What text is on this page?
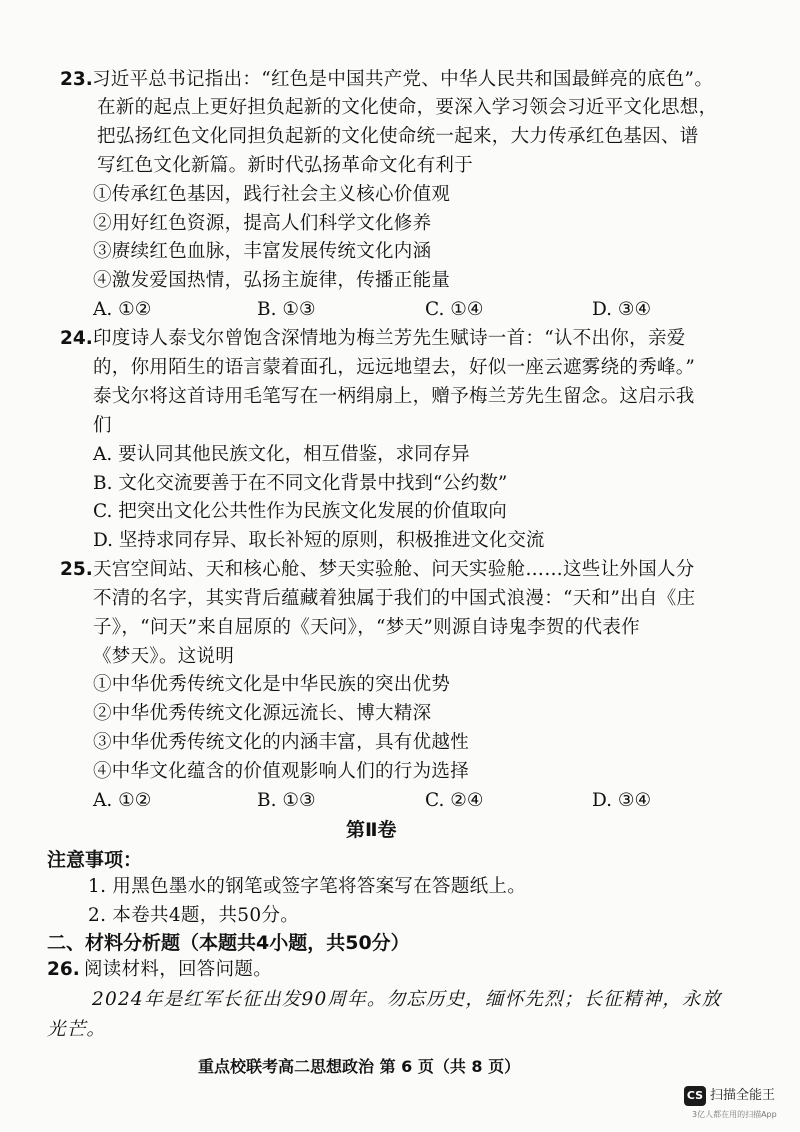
23. 习近平总书记指出：“红色是中国共产党、中华人民共和国最鲜亮的底色”。
在新的起点上更好担负起新的文化使命，要深入学习领会习近平文化思想，
把弘扬红色文化同担负起新的文化使命统一起来，大力传承红色基因、谱
写红色文化新篇。新时代弘扬革命文化有利于
①传承红色基因，践行社会主义核心价值观
②用好红色资源，提高人们科学文化修养
③赓续红色血脉，丰富发展传统文化内涵
④激发爱国热情，弘扬主旋律，传播正能量
A. ①②	B. ①③	C. ①④	D. ③④
24. 印度诗人泰戈尔曾饱含深情地为梅兰芳先生赋诗一首：“认不出你，亲爱
的，你用陌生的语言蒙着面孔，远远地望去，好似一座云遮雾绕的秀峰。”
泰戈尔将这首诗用毛笔写在一柄绢扇上，赠予梅兰芳先生留念。这启示我
们
A. 要认同其他民族文化，相互借鉴，求同存异
B. 文化交流要善于在不同文化背景中找到“公约数”
C. 把突出文化公共性作为民族文化发展的价值取向
D. 坚持求同存异、取长补短的原则，积极推进文化交流
25. 天宫空间站、天和核心舱、梦天实验舱、问天实验舱……这些让外国人分
不清的名字，其实背后蕴藏着独属于我们的中国式浪漫：“天和”出自《庄
子》，“问天”来自屈原的《天问》，“梦天”则源自诗鬼李贺的代表作
《梦天》。这说明
①中华优秀传统文化是中华民族的突出优势
②中华优秀传统文化源远流长、博大精深
③中华优秀传统文化的内涵丰富，具有优越性
④中华文化蕴含的价值观影响人们的行为选择
A. ①②	B. ①③	C. ②④	D. ③④
第Ⅱ卷
注意事项：
1. 用黑色墨水的钢笔或签字笔将答案写在答题纸上。
2. 本卷共4题，共50分。
二、材料分析题（本题共4小题，共50分）
26. 阅读材料，回答问题。
2024年是红军长征出发90周年。勿忘历史，缅怀先烈；长征精神，永放
光芒。
重点校联考高二思想政治 第 6 页（共 8 页）
CS 扫描全能王
3亿人都在用的扫描App
